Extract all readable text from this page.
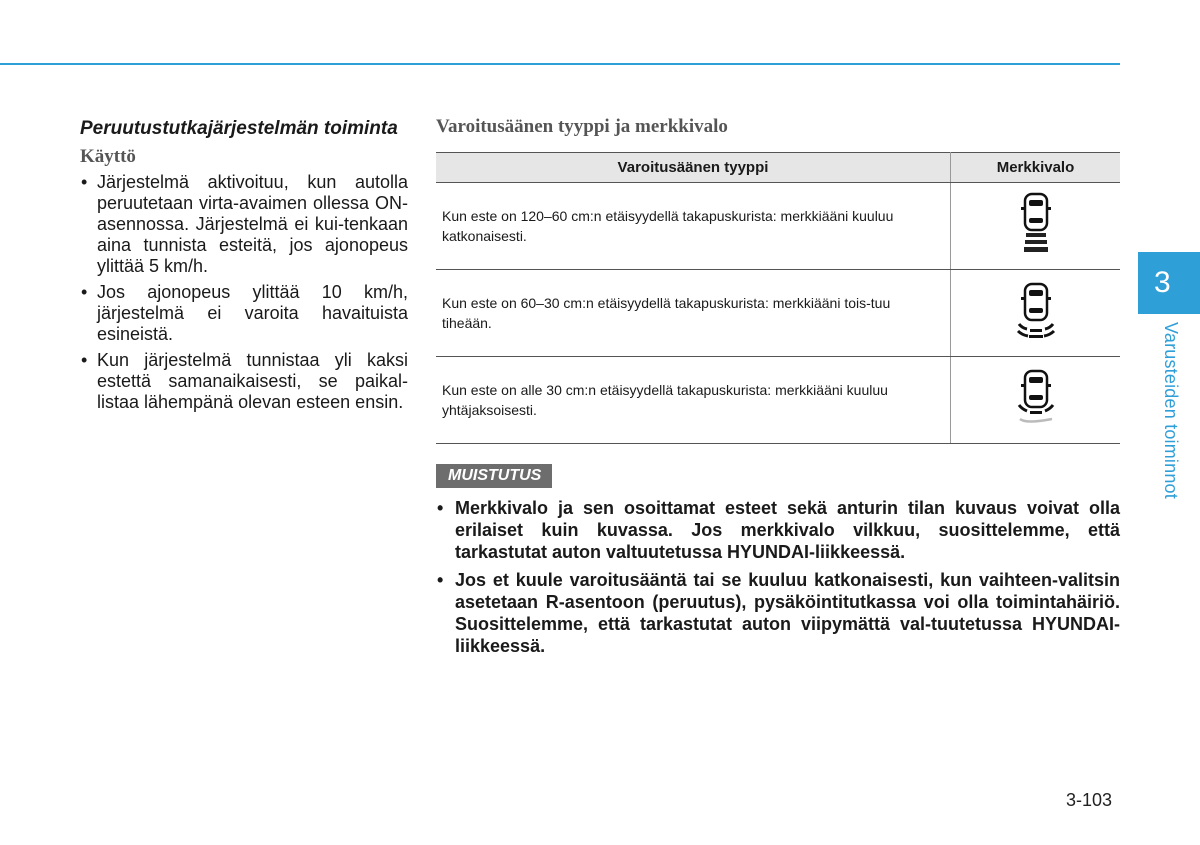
Peruutustutkajärjestelmän toiminta
Käyttö
• Järjestelmä aktivoituu, kun autolla peruutetaan virta-avaimen ollessa ON-asennossa. Järjestelmä ei kui-tenkaan aina tunnista esteitä, jos ajonopeus ylittää 5 km/h.
• Jos ajonopeus ylittää 10 km/h, järjestelmä ei varoita havaituista esineistä.
• Kun järjestelmä tunnistaa yli kaksi estettä samanaikaisesti, se paikal-listaa lähempänä olevan esteen ensin.
Varoitusäänen tyyppi ja merkkivalo
Varoitusäänen tyyppi	Merkkivalo
Kun este on 120–60 cm:n etäisyydellä takapuskurista: merkkiääni kuuluu katkonaisesti.	
Kun este on 60–30 cm:n etäisyydellä takapuskurista: merkkiääni tois-tuu tiheään.	
Kun este on alle 30 cm:n etäisyydellä takapuskurista: merkkiääni kuuluu yhtäjaksoisesti.	
MUISTUTUS
• Merkkivalo ja sen osoittamat esteet sekä anturin tilan kuvaus voivat olla erilaiset kuin kuvassa. Jos merkkivalo vilkkuu, suosittelemme, että tarkastutat auton valtuutetussa HYUNDAI-liikkeessä.
• Jos et kuule varoitusääntä tai se kuuluu katkonaisesti, kun vaihteen-valitsin asetetaan R-asentoon (peruutus), pysäköintitutkassa voi olla toimintahäiriö. Suosittelemme, että tarkastutat auton viipymättä val-tuutetussa HYUNDAI-liikkeessä.
3
Varusteiden toiminnot
3-103
